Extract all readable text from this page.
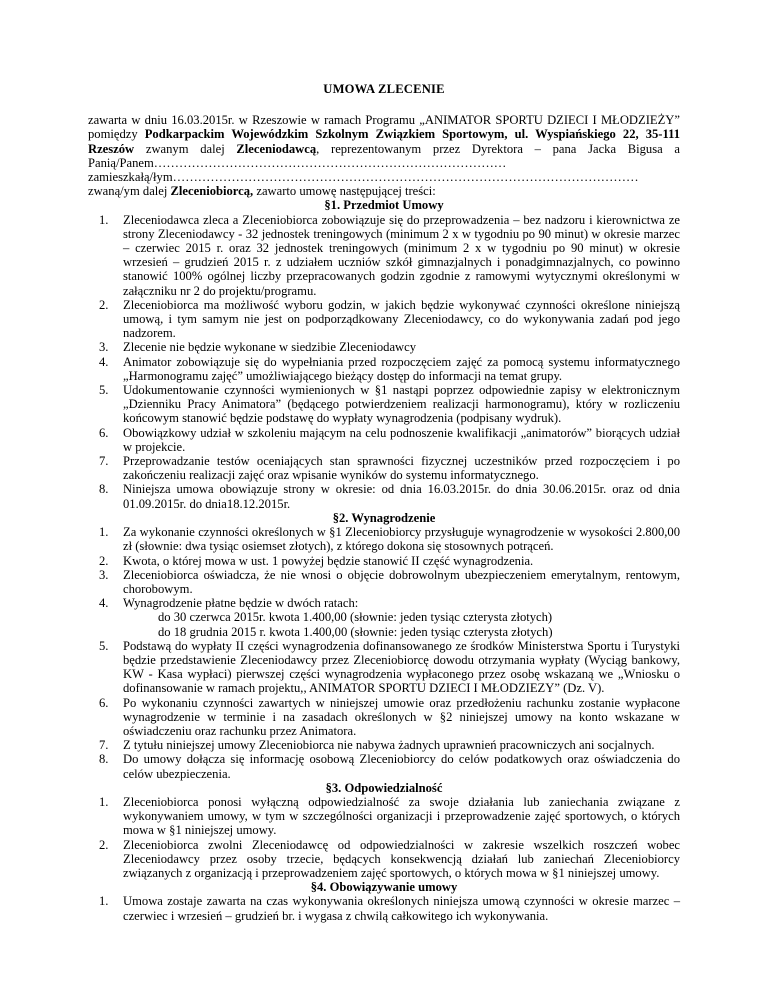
UMOWA ZLECENIE

zawarta w dniu 16.03.2015r. w Rzeszowie w ramach Programu „ANIMATOR SPORTU DZIECI I MŁODZIEŻY” pomiędzy Podkarpackim Wojewódzkim Szkolnym Związkiem Sportowym, ul. Wyspiańskiego 22, 35-111 Rzeszów zwanym dalej Zleceniodawcą, reprezentowanym przez Dyrektora – pana Jacka Bigusa a Panią/Panem…………………………………………………………………………

zamieszkałą/łym…………………………………………………………………………………………………

zwaną/ym dalej Zleceniobiorcą, zawarto umowę następującej treści:

§1. Przedmiot Umowy

1. Zleceniodawca zleca a Zleceniobiorca zobowiązuje się do przeprowadzenia – bez nadzoru i kierownictwa ze strony Zleceniodawcy - 32 jednostek treningowych (minimum 2 x w tygodniu po 90 minut) w okresie marzec – czerwiec 2015 r. oraz 32 jednostek treningowych (minimum 2 x w tygodniu po 90 minut) w okresie wrzesień – grudzień 2015 r. z udziałem uczniów szkół gimnazjalnych i ponadgimnazjalnych, co powinno stanowić 100% ogólnej liczby przepracowanych godzin zgodnie z ramowymi wytycznymi określonymi w załączniku nr 2 do projektu/programu.
2. Zleceniobiorca ma możliwość wyboru godzin, w jakich będzie wykonywać czynności określone niniejszą umową, i tym samym nie jest on podporządkowany Zleceniodawcy, co do wykonywania zadań pod jego nadzorem.
3. Zlecenie nie będzie wykonane w siedzibie Zleceniodawcy
4. Animator zobowiązuje się do wypełniania przed rozpoczęciem zajęć za pomocą systemu informatycznego „Harmonogramu zajęć” umożliwiającego bieżący dostęp do informacji na temat grupy.
5. Udokumentowanie czynności wymienionych w §1 nastąpi poprzez odpowiednie zapisy w elektronicznym „Dzienniku Pracy Animatora” (będącego potwierdzeniem realizacji harmonogramu), który w rozliczeniu końcowym stanowić będzie podstawę do wypłaty wynagrodzenia (podpisany wydruk).
6. Obowiązkowy udział w szkoleniu mającym na celu podnoszenie kwalifikacji „animatorów” biorących udział w projekcie.
7. Przeprowadzanie testów oceniających stan sprawności fizycznej uczestników przed rozpoczęciem i po zakończeniu realizacji zajęć oraz wpisanie wyników do systemu informatycznego.
8. Niniejsza umowa obowiązuje strony w okresie: od dnia 16.03.2015r. do dnia 30.06.2015r. oraz od dnia 01.09.2015r. do dnia18.12.2015r.

§2. Wynagrodzenie

1. Za wykonanie czynności określonych w §1 Zleceniobiorcy przysługuje wynagrodzenie w wysokości 2.800,00 zł (słownie: dwa tysiąc osiemset złotych), z którego dokona się stosownych potrąceń.
2. Kwota, o której mowa w ust. 1 powyżej będzie stanowić II część wynagrodzenia.
3. Zleceniobiorca oświadcza, że nie wnosi o objęcie dobrowolnym ubezpieczeniem emerytalnym, rentowym, chorobowym.
4. Wynagrodzenie płatne będzie w dwóch ratach:
do 30 czerwca 2015r. kwota 1.400,00 (słownie: jeden tysiąc czterysta złotych)
do 18 grudnia 2015 r. kwota 1.400,00 (słownie: jeden tysiąc czterysta złotych)
5. Podstawą do wypłaty II części wynagrodzenia dofinansowanego ze środków Ministerstwa Sportu i Turystyki będzie przedstawienie Zleceniodawcy przez Zleceniobiorcę dowodu otrzymania wypłaty (Wyciąg bankowy, KW - Kasa wypłaci) pierwszej części wynagrodzenia wypłaconego przez osobę wskazaną we „Wniosku o dofinansowanie w ramach projektu,, ANIMATOR SPORTU DZIECI I MŁODZIEZY” (Dz. V).
6. Po wykonaniu czynności zawartych w niniejszej umowie oraz przedłożeniu rachunku zostanie wypłacone wynagrodzenie w terminie i na zasadach określonych w §2 niniejszej umowy na konto wskazane w oświadczeniu oraz rachunku przez Animatora.
7. Z tytułu niniejszej umowy Zleceniobiorca nie nabywa żadnych uprawnień pracowniczych ani socjalnych.
8. Do umowy dołącza się informację osobową Zleceniobiorcy do celów podatkowych oraz oświadczenia do celów ubezpieczenia.

§3. Odpowiedzialność

1. Zleceniobiorca ponosi wyłączną odpowiedzialność za swoje działania lub zaniechania związane z wykonywaniem umowy, w tym w szczególności organizacji i przeprowadzenie zajęć sportowych, o których mowa w §1 niniejszej umowy.
2. Zleceniobiorca zwolni Zleceniodawcę od odpowiedzialności w zakresie wszelkich roszczeń wobec Zleceniodawcy przez osoby trzecie, będących konsekwencją działań lub zaniechań Zleceniobiorcy związanych z organizacją i przeprowadzeniem zajęć sportowych, o których mowa w §1 niniejszej umowy.

§4. Obowiązywanie umowy

1. Umowa zostaje zawarta na czas wykonywania określonych niniejsza umową czynności w okresie marzec – czerwiec i wrzesień – grudzień br. i wygasa z chwilą całkowitego ich wykonywania.
